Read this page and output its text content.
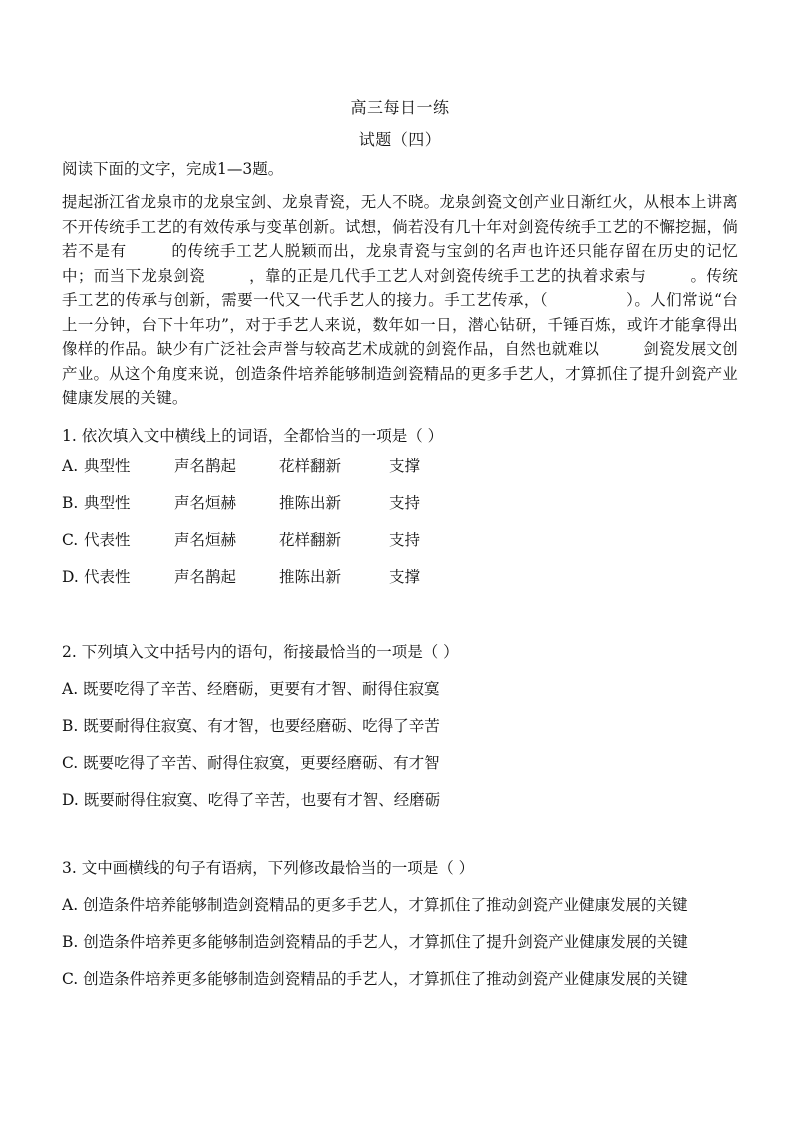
高三每日一练

试题（四）

阅读下面的文字，完成1—3题。

提起浙江省龙泉市的龙泉宝剑、龙泉青瓷，无人不晓。龙泉剑瓷文创产业日渐红火，从根本上讲离不开传统手工艺的有效传承与变革创新。试想，倘若没有几十年对剑瓷传统手工艺的不懈挖掘，倘若不是有	的传统手工艺人脱颖而出，龙泉青瓷与宝剑的名声也许还只能存留在历史的记忆中；而当下龙泉剑瓷	，靠的正是几代手工艺人对剑瓷传统手工艺的执着求索与	。传统手工艺的传承与创新，需要一代又一代手艺人的接力。手工艺传承，（	）。人们常说“台上一分钟，台下十年功”，对于手艺人来说，数年如一日，潜心钻研，千锤百炼，或许才能拿得出像样的作品。缺少有广泛社会声誉与较高艺术成就的剑瓷作品，自然也就难以	剑瓷发展文创产业。从这个角度来说，创造条件培养能够制造剑瓷精品的更多手艺人，才算抓住了提升剑瓷产业健康发展的关键。

1. 依次填入文中横线上的词语，全都恰当的一项是（ ）

A. 典型性	声名鹊起	花样翻新	支撑
B. 典型性	声名烜赫	推陈出新	支持
C. 代表性	声名烜赫	花样翻新	支持
D. 代表性	声名鹊起	推陈出新	支撑

2. 下列填入文中括号内的语句，衔接最恰当的一项是（ ）

A. 既要吃得了辛苦、经磨砺，更要有才智、耐得住寂寞
B. 既要耐得住寂寞、有才智，也要经磨砺、吃得了辛苦
C. 既要吃得了辛苦、耐得住寂寞，更要经磨砺、有才智
D. 既要耐得住寂寞、吃得了辛苦，也要有才智、经磨砺

3. 文中画横线的句子有语病，下列修改最恰当的一项是（ ）

A. 创造条件培养能够制造剑瓷精品的更多手艺人，才算抓住了推动剑瓷产业健康发展的关键
B. 创造条件培养更多能够制造剑瓷精品的手艺人，才算抓住了提升剑瓷产业健康发展的关键
C. 创造条件培养更多能够制造剑瓷精品的手艺人，才算抓住了推动剑瓷产业健康发展的关键
